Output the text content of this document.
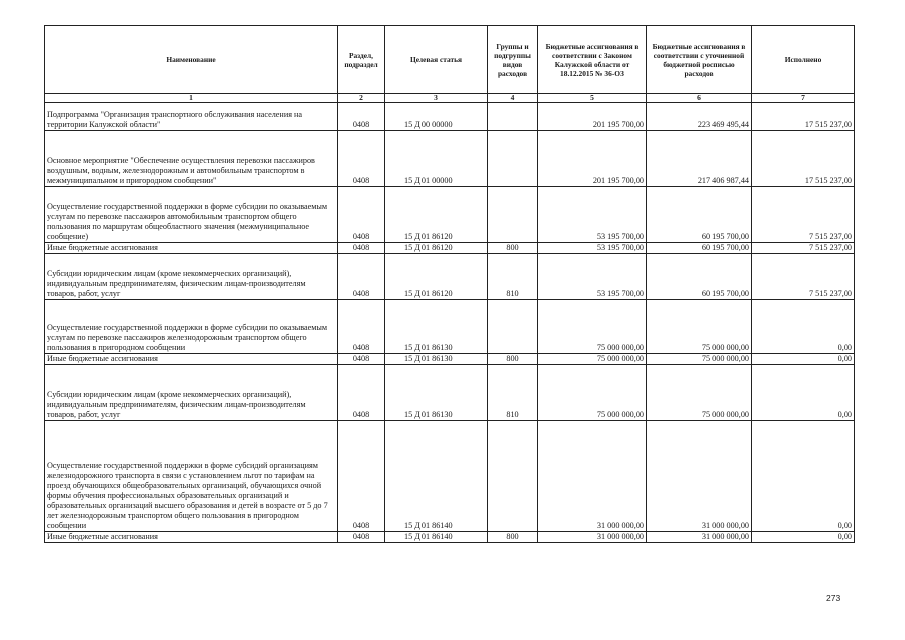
Наименование	Раздел, подраздел	Целевая статья	Группы и подгруппы видов расходов	Бюджетные ассигнования в соответствии с Законом Калужской области от 18.12.2015 № 36-ОЗ	Бюджетные ассигнования в соответствии с уточненной бюджетной росписью расходов	Исполнено
1	2	3	4	5	6	7
Подпрограмма "Организация транспортного обслуживания населения на территории Калужской области"	0408	15 Д 00 00000		201 195 700,00	223 469 495,44	17 515 237,00
Основное мероприятие "Обеспечение осуществления перевозки пассажиров воздушным, водным, железнодорожным и автомобильным транспортом в межмуниципальном и пригородном сообщении"	0408	15 Д 01 00000		201 195 700,00	217 406 987,44	17 515 237,00
Осуществление государственной поддержки в форме субсидии по оказываемым услугам по перевозке пассажиров автомобильным транспортом общего пользования по маршрутам общеобластного значения (межмуниципальное сообщение)	0408	15 Д 01 86120		53 195 700,00	60 195 700,00	7 515 237,00
Иные бюджетные ассигнования	0408	15 Д 01 86120	800	53 195 700,00	60 195 700,00	7 515 237,00
Субсидии юридическим лицам (кроме некоммерческих организаций), индивидуальным предпринимателям, физическим лицам-производителям товаров, работ, услуг	0408	15 Д 01 86120	810	53 195 700,00	60 195 700,00	7 515 237,00
Осуществление государственной поддержки в форме субсидии по оказываемым услугам по перевозке пассажиров железнодорожным транспортом общего пользования в пригородном сообщении	0408	15 Д 01 86130		75 000 000,00	75 000 000,00	0,00
Иные бюджетные ассигнования	0408	15 Д 01 86130	800	75 000 000,00	75 000 000,00	0,00
Субсидии юридическим лицам (кроме некоммерческих организаций), индивидуальным предпринимателям, физическим лицам-производителям товаров, работ, услуг	0408	15 Д 01 86130	810	75 000 000,00	75 000 000,00	0,00
Осуществление государственной поддержки в форме субсидий организациям железнодорожного транспорта в связи с установлением льгот по тарифам на проезд обучающихся общеобразовательных организаций, обучающихся очной формы обучения профессиональных образовательных организаций и образовательных организаций высшего образования и детей в возрасте от 5 до 7 лет железнодорожным транспортом общего пользования в пригородном сообщении	0408	15 Д 01 86140		31 000 000,00	31 000 000,00	0,00
Иные бюджетные ассигнования	0408	15 Д 01 86140	800	31 000 000,00	31 000 000,00	0,00
273
